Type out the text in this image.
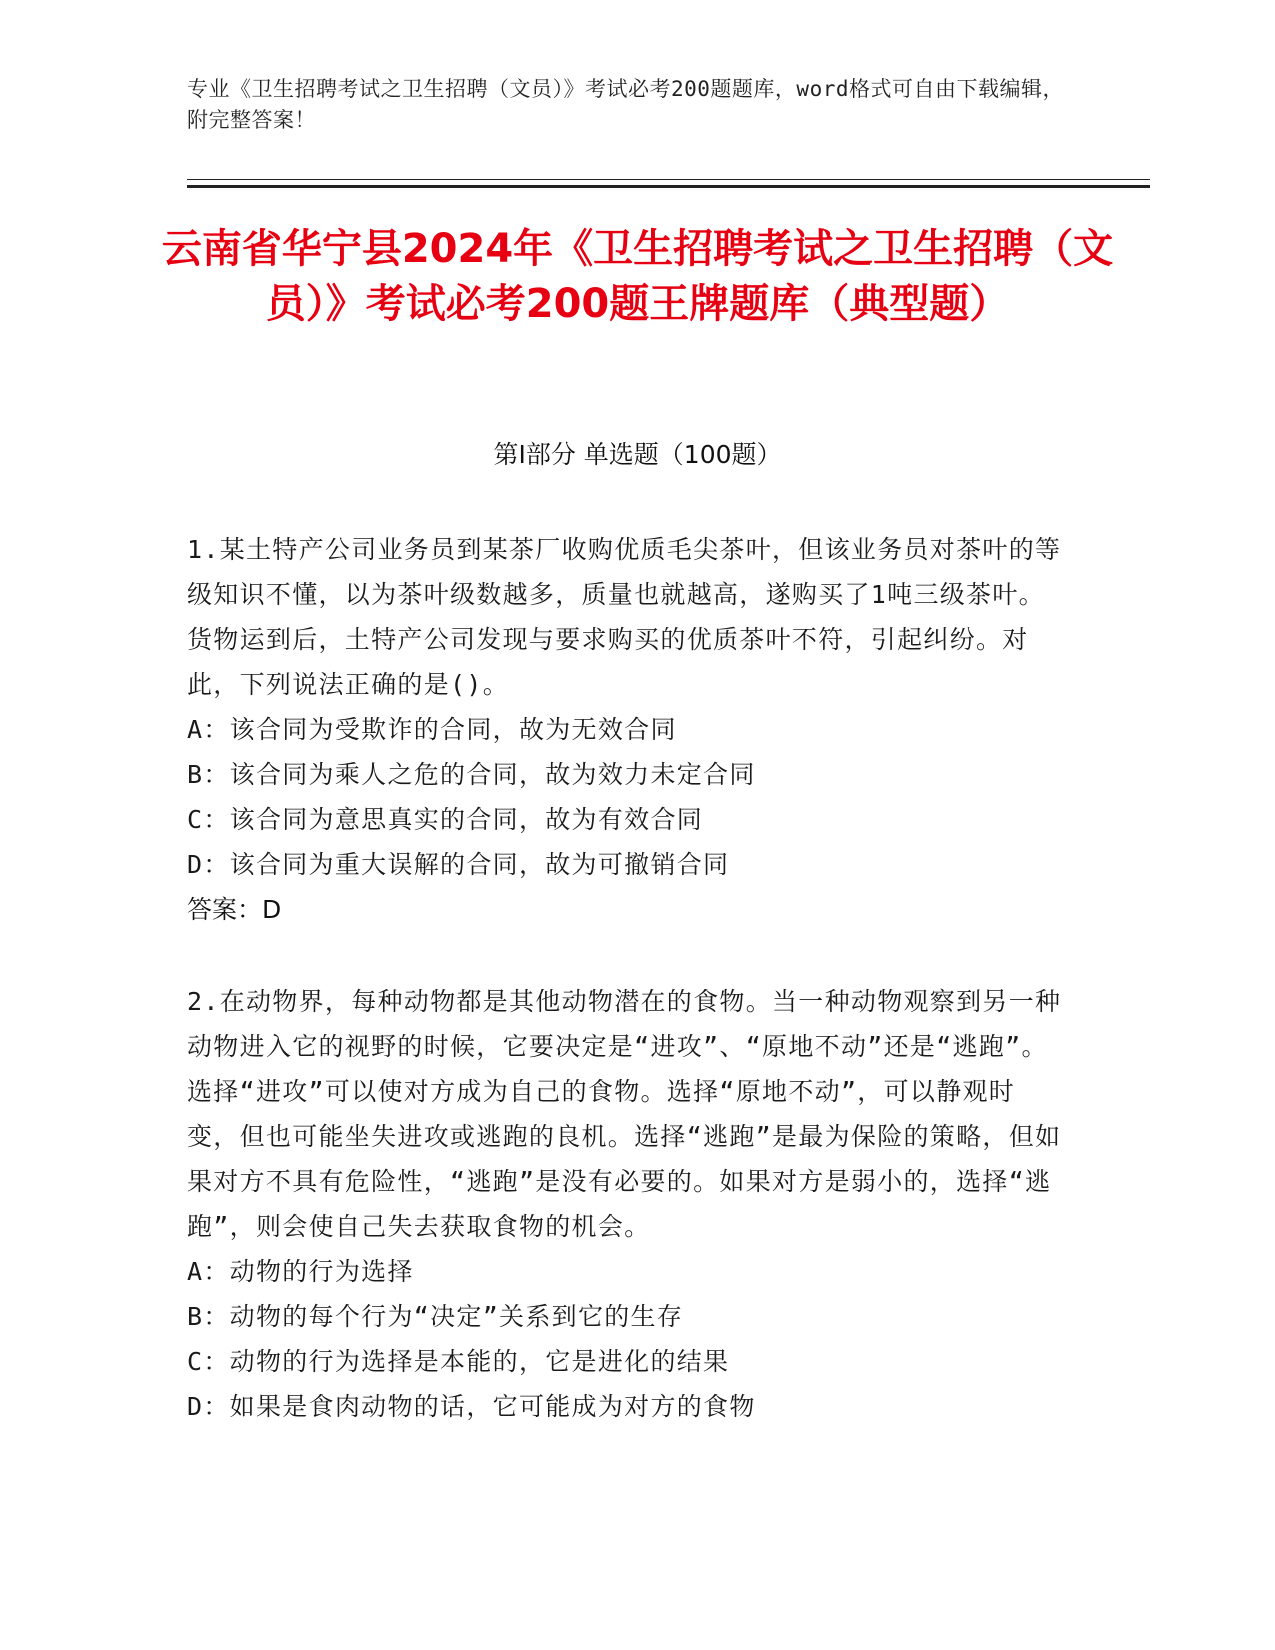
专业《卫生招聘考试之卫生招聘（文员）》考试必考200题题库，word格式可自由下载编辑，附完整答案！
云南省华宁县2024年《卫生招聘考试之卫生招聘（文员）》考试必考200题王牌题库（典型题）
第Ⅰ部分 单选题（100题）

1.某土特产公司业务员到某茶厂收购优质毛尖茶叶，但该业务员对茶叶的等级知识不懂，以为茶叶级数越多，质量也就越高，遂购买了1吨三级茶叶。货物运到后，土特产公司发现与要求购买的优质茶叶不符，引起纠纷。对此，下列说法正确的是()。

A：该合同为受欺诈的合同，故为无效合同

B：该合同为乘人之危的合同，故为效力未定合同

C：该合同为意思真实的合同，故为有效合同

D：该合同为重大误解的合同，故为可撤销合同

答案：D

2.在动物界，每种动物都是其他动物潜在的食物。当一种动物观察到另一种动物进入它的视野的时候，它要决定是“进攻”、“原地不动”还是“逃跑”。选择“进攻”可以使对方成为自己的食物。选择“原地不动”，可以静观时变，但也可能坐失进攻或逃跑的良机。选择“逃跑”是最为保险的策略，但如果对方不具有危险性，“逃跑”是没有必要的。如果对方是弱小的，选择“逃跑”，则会使自己失去获取食物的机会。

A：动物的行为选择

B：动物的每个行为“决定”关系到它的生存

C：动物的行为选择是本能的，它是进化的结果

D：如果是食肉动物的话，它可能成为对方的食物
